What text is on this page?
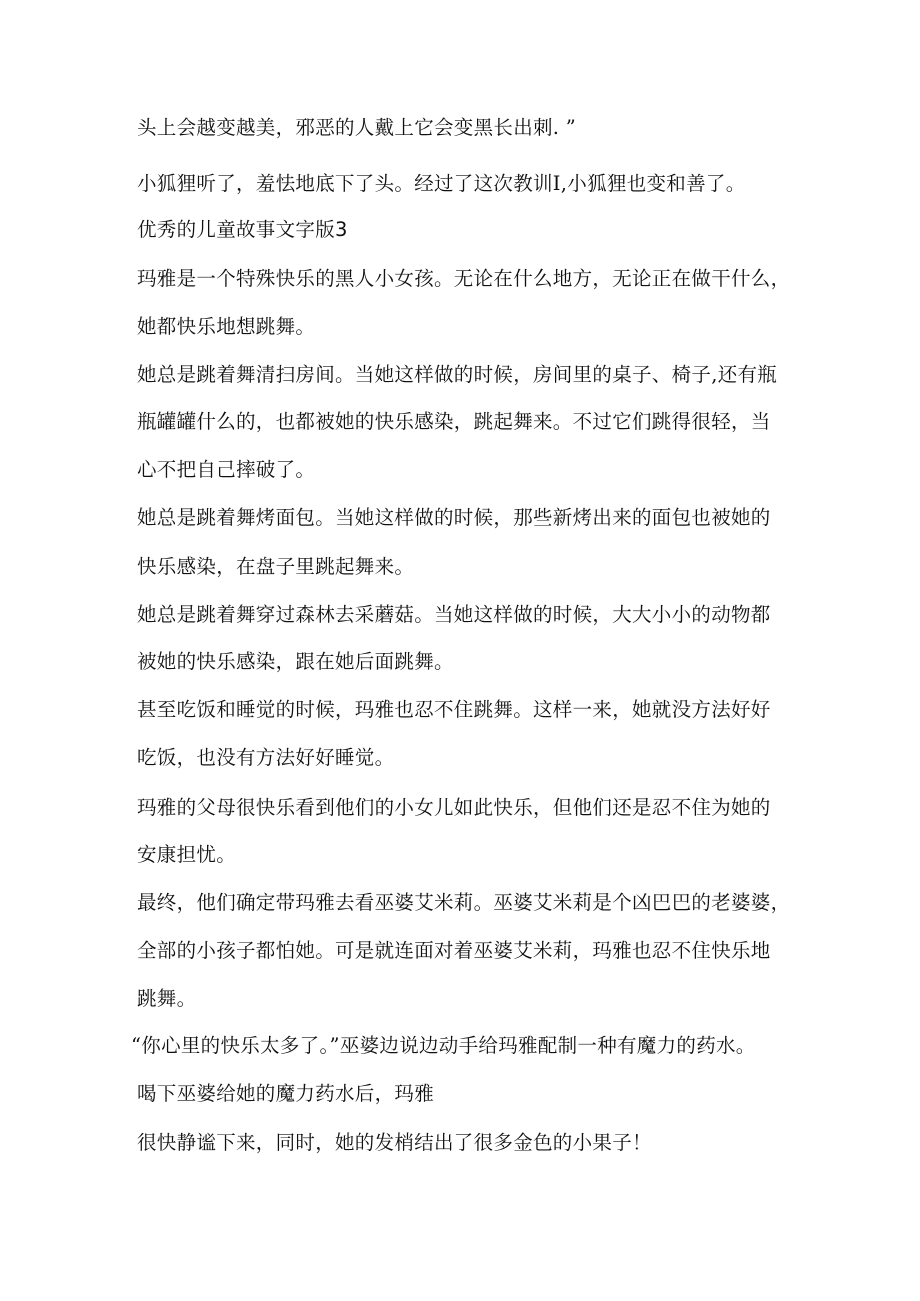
头上会越变越美，邪恶的人戴上它会变黑长出刺. ”
小狐狸听了，羞怯地底下了头。经过了这次教训I,小狐狸也变和善了。
优秀的儿童故事文字版3
玛雅是一个特殊快乐的黑人小女孩。无论在什么地方，无论正在做干什么，
她都快乐地想跳舞。
她总是跳着舞清扫房间。当她这样做的时候，房间里的桌子、椅子,还有瓶
瓶罐罐什么的，也都被她的快乐感染，跳起舞来。不过它们跳得很轻，当
心不把自己摔破了。
她总是跳着舞烤面包。当她这样做的时候，那些新烤出来的面包也被她的
快乐感染，在盘子里跳起舞来。
她总是跳着舞穿过森林去采蘑菇。当她这样做的时候，大大小小的动物都
被她的快乐感染，跟在她后面跳舞。
甚至吃饭和睡觉的时候，玛雅也忍不住跳舞。这样一来，她就没方法好好
吃饭，也没有方法好好睡觉。
玛雅的父母很快乐看到他们的小女儿如此快乐，但他们还是忍不住为她的
安康担忧。
最终，他们确定带玛雅去看巫婆艾米莉。巫婆艾米莉是个凶巴巴的老婆婆，
全部的小孩子都怕她。可是就连面对着巫婆艾米莉，玛雅也忍不住快乐地
跳舞。
“你心里的快乐太多了。”巫婆边说边动手给玛雅配制一种有魔力的药水。
喝下巫婆给她的魔力药水后，玛雅
很快静谧下来，同时，她的发梢结出了很多金色的小果子！
